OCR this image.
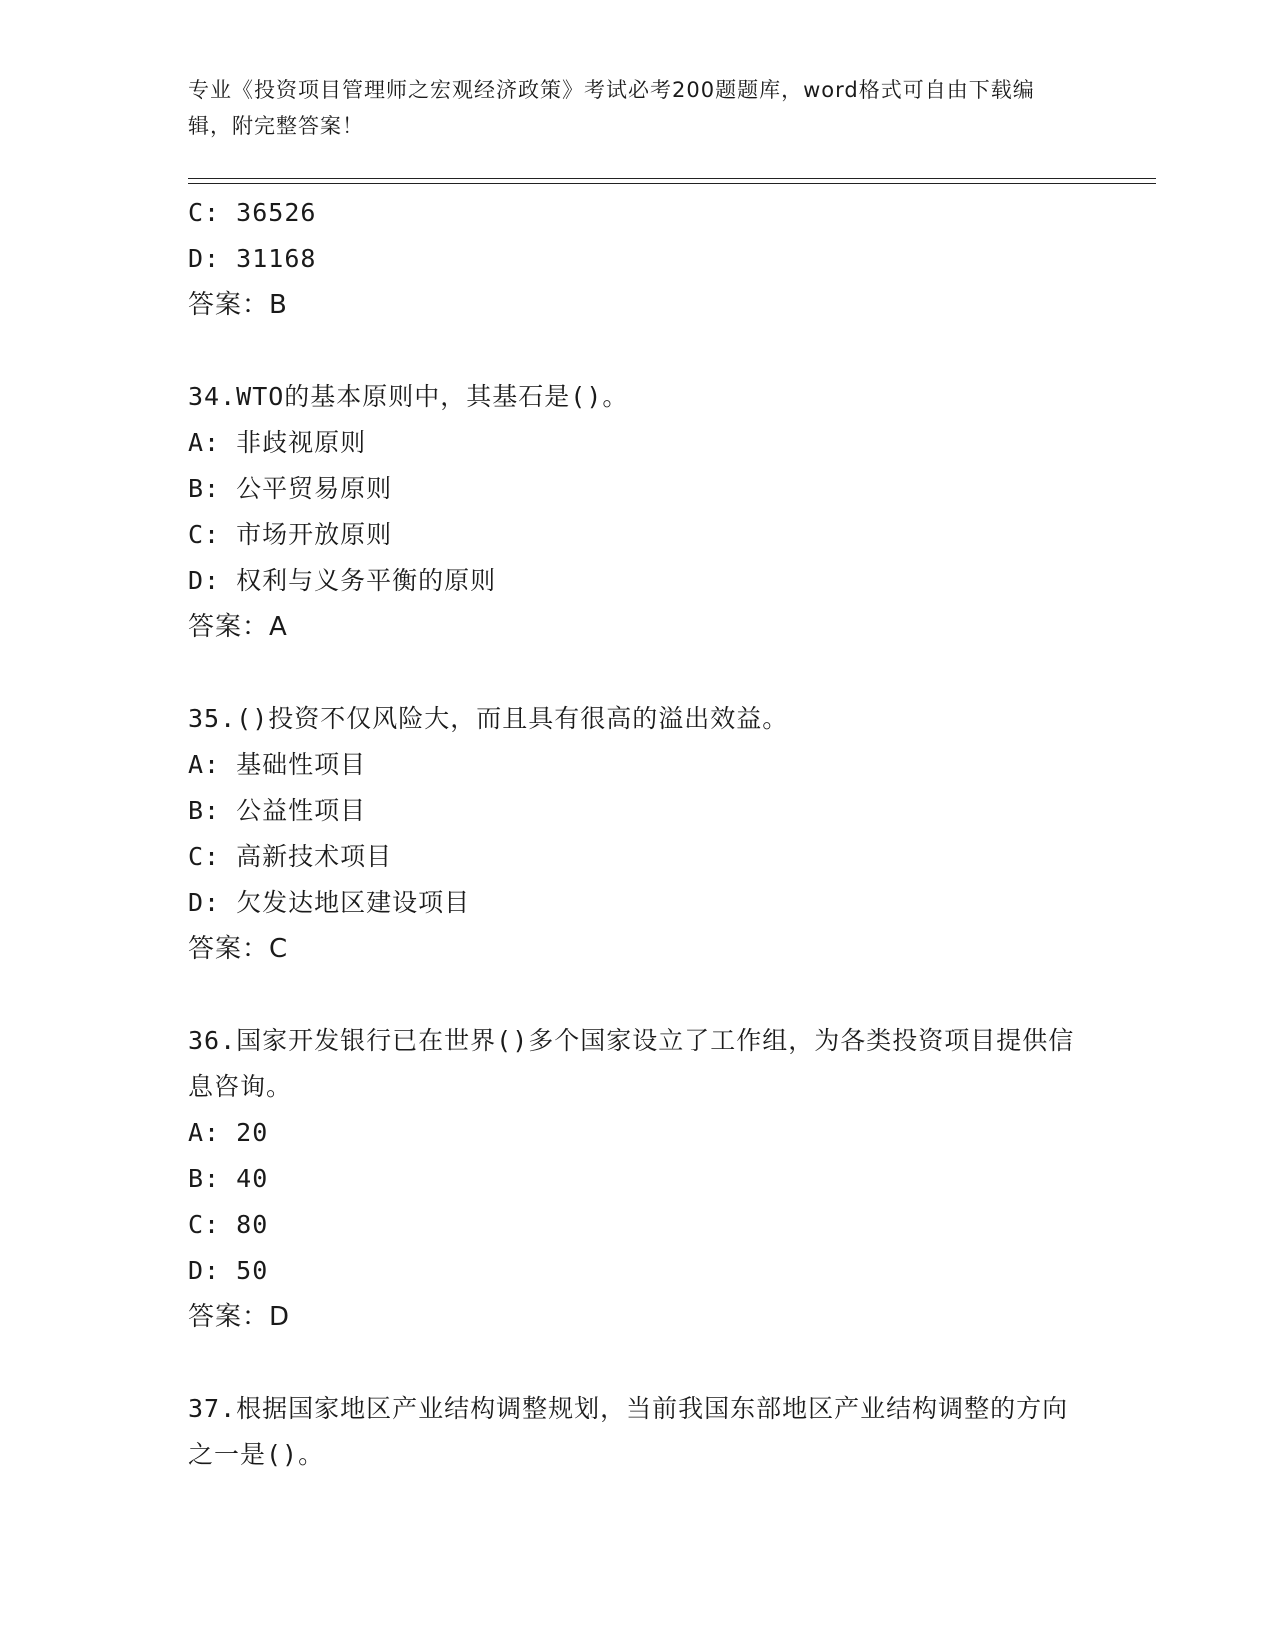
专业《投资项目管理师之宏观经济政策》考试必考200题题库，word格式可自由下载编辑，附完整答案！
C: 36526
D: 31168
答案：B
34.WTO的基本原则中，其基石是()。
A: 非歧视原则
B: 公平贸易原则
C: 市场开放原则
D: 权利与义务平衡的原则
答案：A
35.()投资不仅风险大，而且具有很高的溢出效益。
A: 基础性项目
B: 公益性项目
C: 高新技术项目
D: 欠发达地区建设项目
答案：C
36.国家开发银行已在世界()多个国家设立了工作组，为各类投资项目提供信息咨询。
A: 20
B: 40
C: 80
D: 50
答案：D
37.根据国家地区产业结构调整规划，当前我国东部地区产业结构调整的方向之一是()。
